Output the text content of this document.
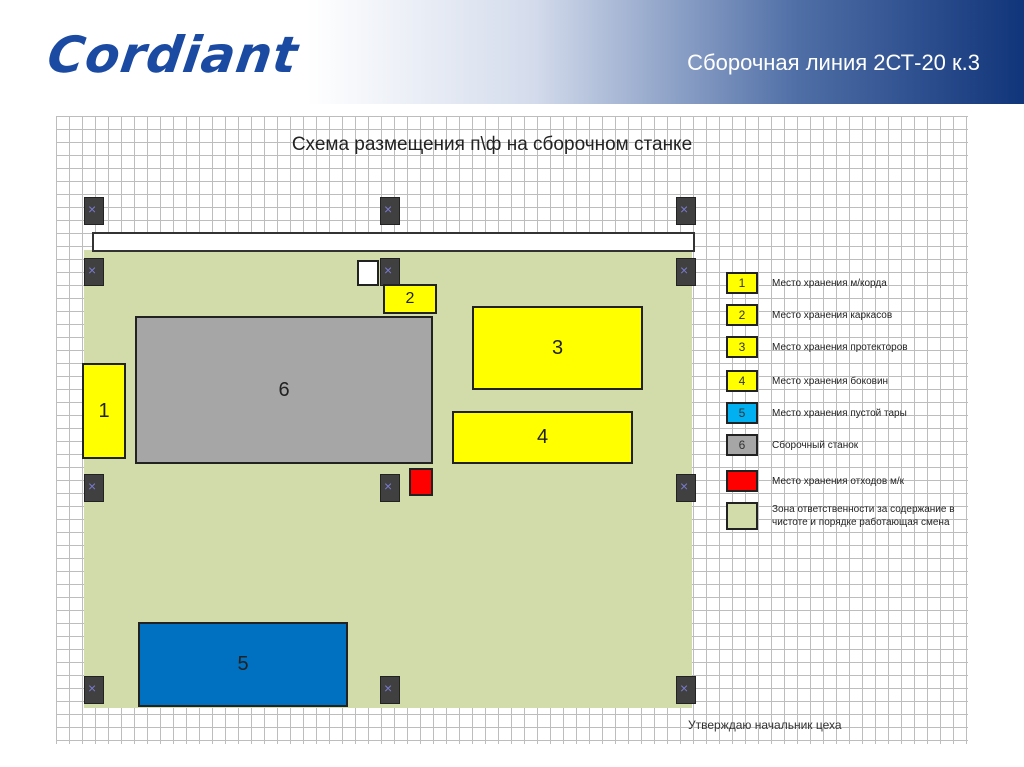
Cordiant	Сборочная линия 2СТ-20 к.3
Схема размещения п\ф на сборочном станке
×
×
×
×
×
×
×
×
×
×
×
×
1
2
3
4
6
5
1	Место хранения м/корда
2	Место хранения каркасов
3	Место хранения протекторов
4	Место хранения боковин
5	Место хранения пустой тары
6	Сборочный станок
Место хранения отходов м/к
Зона ответственности за содержание в чистоте и порядке работающая смена
Утверждаю начальник цеха
